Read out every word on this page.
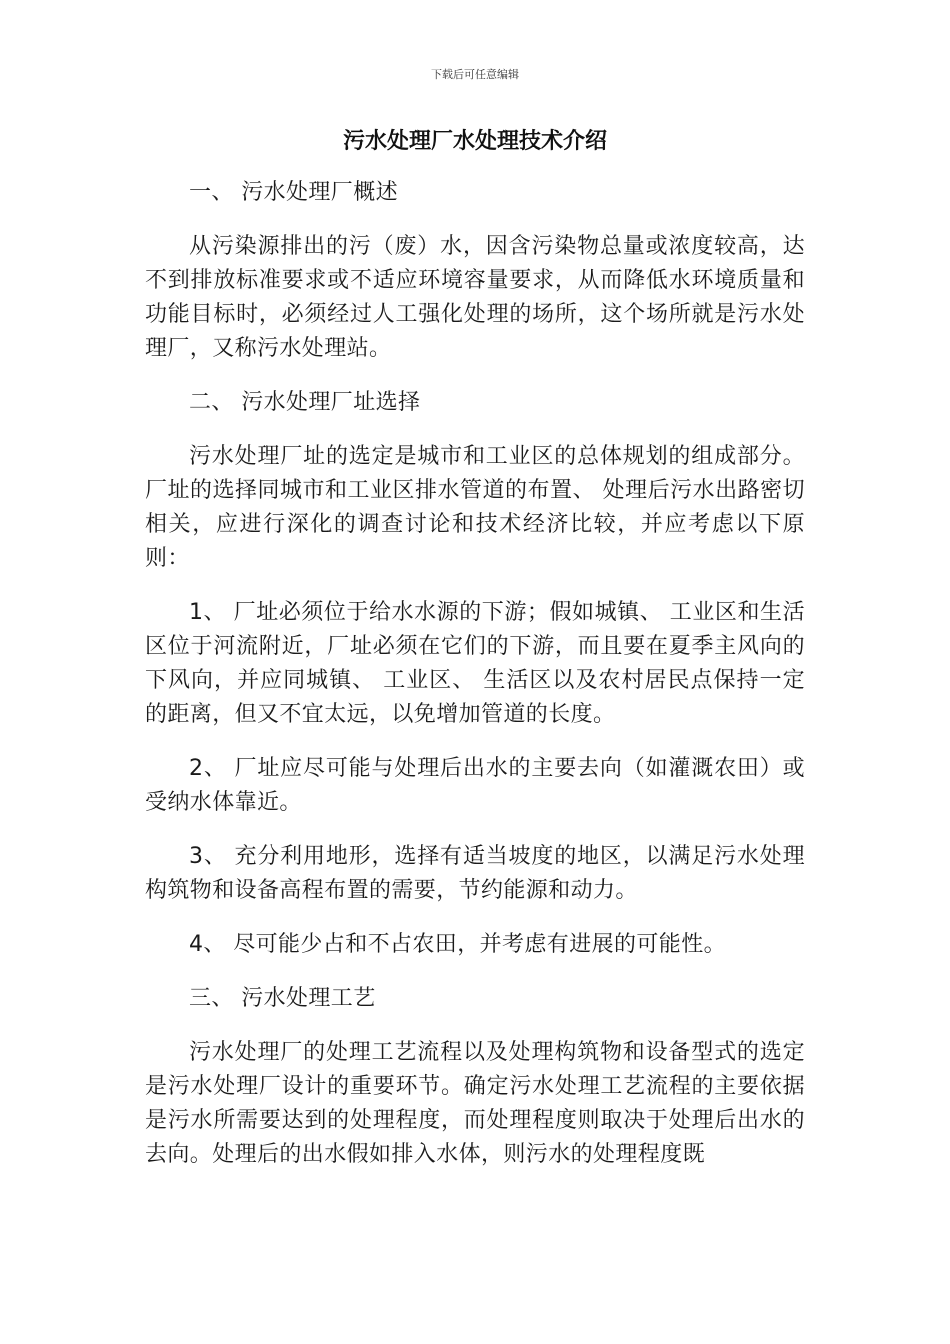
下载后可任意编辑
污水处理厂水处理技术介绍

一、 污水处理厂概述

从污染源排出的污（废）水，因含污染物总量或浓度较高，达不到排放标准要求或不适应环境容量要求，从而降低水环境质量和功能目标时，必须经过人工强化处理的场所，这个场所就是污水处理厂，又称污水处理站。

二、 污水处理厂址选择

污水处理厂址的选定是城市和工业区的总体规划的组成部分。厂址的选择同城市和工业区排水管道的布置、 处理后污水出路密切相关，应进行深化的调查讨论和技术经济比较，并应考虑以下原则：

1、 厂址必须位于给水水源的下游；假如城镇、 工业区和生活区位于河流附近，厂址必须在它们的下游，而且要在夏季主风向的下风向，并应同城镇、 工业区、 生活区以及农村居民点保持一定的距离，但又不宜太远，以免增加管道的长度。

2、 厂址应尽可能与处理后出水的主要去向（如灌溉农田）或受纳水体靠近。

3、 充分利用地形，选择有适当坡度的地区，以满足污水处理构筑物和设备高程布置的需要，节约能源和动力。

4、 尽可能少占和不占农田，并考虑有进展的可能性。

三、 污水处理工艺

污水处理厂的处理工艺流程以及处理构筑物和设备型式的选定是污水处理厂设计的重要环节。确定污水处理工艺流程的主要依据是污水所需要达到的处理程度，而处理程度则取决于处理后出水的去向。处理后的出水假如排入水体，则污水的处理程度既
